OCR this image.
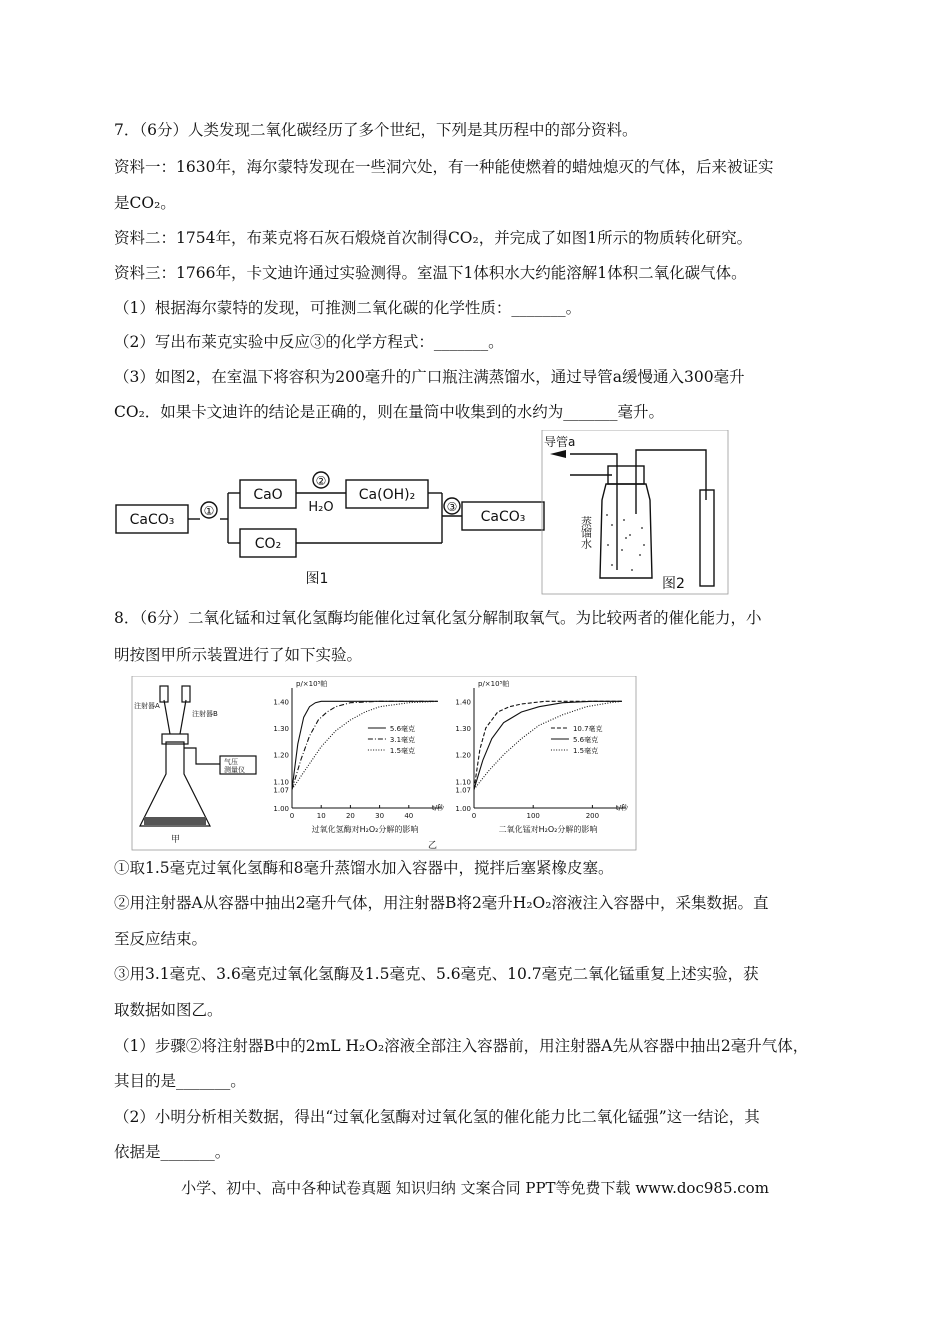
7．（6分）人类发现二氧化碳经历了多个世纪，下列是其历程中的部分资料。
资料一：1630年，海尔蒙特发现在一些洞穴处，有一种能使燃着的蜡烛熄灭的气体，后来被证实
是CO₂。
资料二：1754年，布莱克将石灰石煅烧首次制得CO₂，并完成了如图1所示的物质转化研究。
资料三：1766年，卡文迪许通过实验测得。室温下1体积水大约能溶解1体积二氧化碳气体。
（1）根据海尔蒙特的发现，可推测二氧化碳的化学性质：_______。
（2）写出布莱克实验中反应③的化学方程式：_______。
（3）如图2，在室温下将容积为200毫升的广口瓶注满蒸馏水，通过导管a缓慢通入300毫升
CO₂．如果卡文迪许的结论是正确的，则在量筒中收集到的水约为_______毫升。
CaCO₃
CaO
CO₂
Ca(OH)₂
CaCO₃
①
②
③
H₂O
图1
导管a
图2
蒸馏水
8．（6分）二氧化锰和过氧化氢酶均能催化过氧化氢分解制取氧气。为比较两者的催化能力，小
明按图甲所示装置进行了如下实验。
注射器A
注射器B
气压
测量仪
甲
乙
1.00
1.07
1.10
1.20
1.30
1.40
0	10	20	30	40
p/×10⁵帕
t/秒
过氧化氢酶对H₂O₂分解的影响
5.6毫克
3.1毫克
1.5毫克
1.00
1.07
1.10
1.20
1.30
1.40
0	100	200
p/×10⁵帕
t/秒
二氧化锰对H₂O₂分解的影响
10.7毫克
5.6毫克
1.5毫克
①取1.5毫克过氧化氢酶和8毫升蒸馏水加入容器中，搅拌后塞紧橡皮塞。
②用注射器A从容器中抽出2毫升气体，用注射器B将2毫升H₂O₂溶液注入容器中，采集数据。直
至反应结束。
③用3.1毫克、3.6毫克过氧化氢酶及1.5毫克、5.6毫克、10.7毫克二氧化锰重复上述实验，获
取数据如图乙。
（1）步骤②将注射器B中的2mL H₂O₂溶液全部注入容器前，用注射器A先从容器中抽出2毫升气体，
其目的是_______。
（2）小明分析相关数据，得出“过氧化氢酶对过氧化氢的催化能力比二氧化锰强”这一结论，其
依据是_______。
小学、初中、高中各种试卷真题 知识归纳 文案合同 PPT等免费下载 www.doc985.com
